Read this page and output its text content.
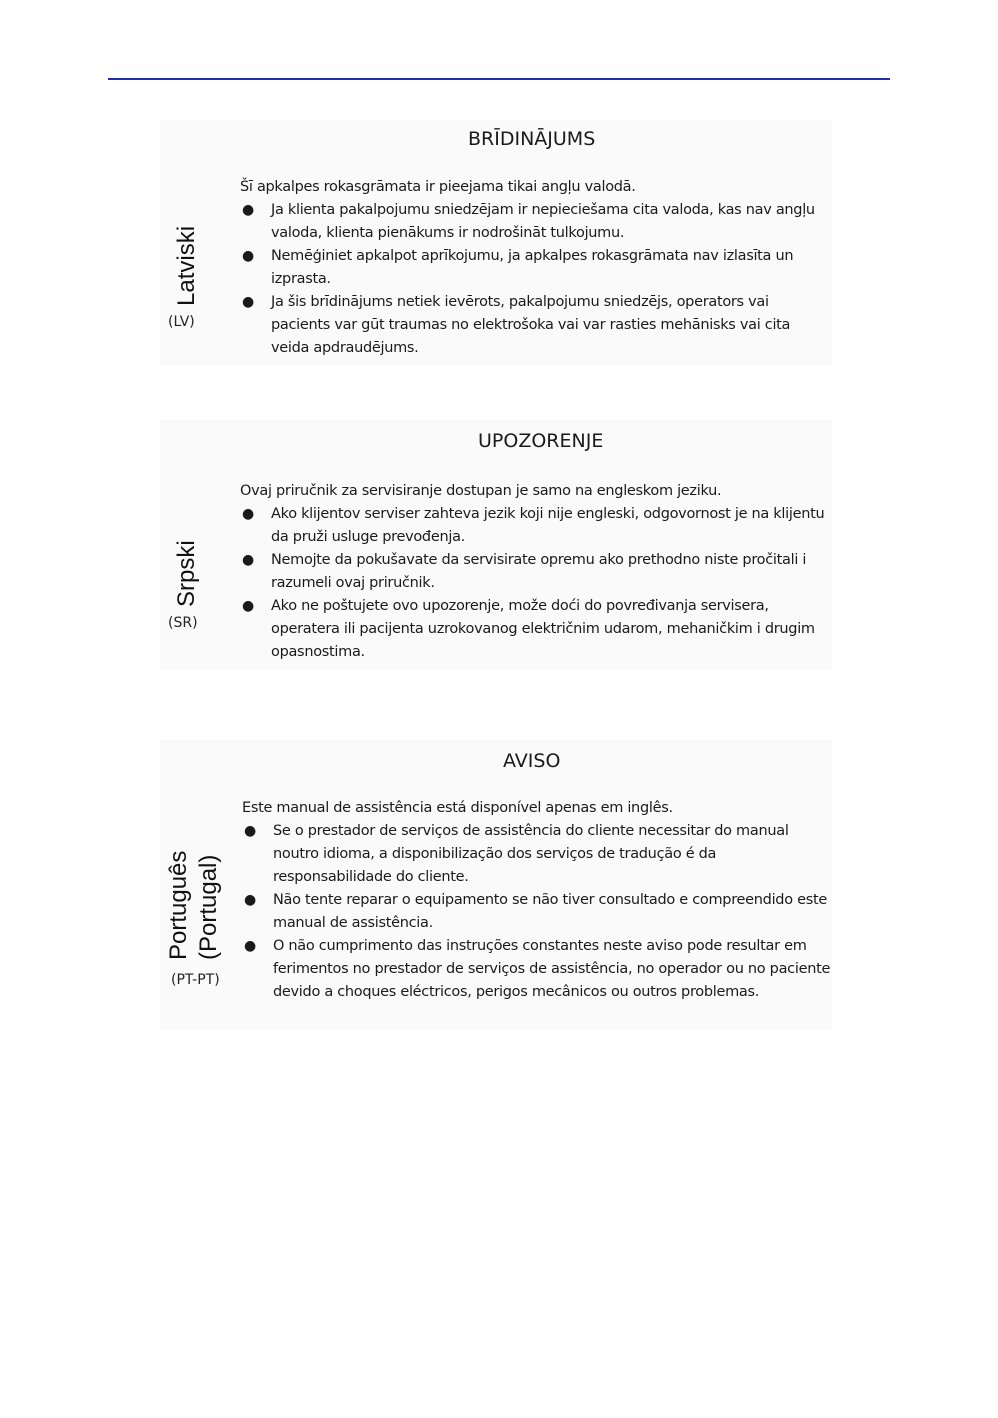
BRĪDINĀJUMS
Latviski
(LV)

Šī apkalpes rokasgrāmata ir pieejama tikai angļu valodā.

● Ja klienta pakalpojumu sniedzējam ir nepieciešama cita valoda, kas nav angļu valoda, klienta pienākums ir nodrošināt tulkojumu.
● Nemēģiniet apkalpot aprīkojumu, ja apkalpes rokasgrāmata nav izlasīta un izprasta.
● Ja šis brīdinājums netiek ievērots, pakalpojumu sniedzējs, operators vai pacients var gūt traumas no elektrošoka vai var rasties mehānisks vai cita veida apdraudējums.
UPOZORENJE
Srpski
(SR)

Ovaj priručnik za servisiranje dostupan je samo na engleskom jeziku.

● Ako klijentov serviser zahteva jezik koji nije engleski, odgovornost je na klijentu da pruži usluge prevođenja.
● Nemojte da pokušavate da servisirate opremu ako prethodno niste pročitali i razumeli ovaj priručnik.
● Ako ne poštujete ovo upozorenje, može doći do povređivanja servisera, operatera ili pacijenta uzrokovanog električnim udarom, mehaničkim i drugim opasnostima.
AVISO
Português (Portugal)
(PT-PT)

Este manual de assistência está disponível apenas em inglês.

● Se o prestador de serviços de assistência do cliente necessitar do manual noutro idioma, a disponibilização dos serviços de tradução é da responsabilidade do cliente.
● Não tente reparar o equipamento se não tiver consultado e compreendido este manual de assistência.
● O não cumprimento das instruções constantes neste aviso pode resultar em ferimentos no prestador de serviços de assistência, no operador ou no paciente devido a choques eléctricos, perigos mecânicos ou outros problemas.
